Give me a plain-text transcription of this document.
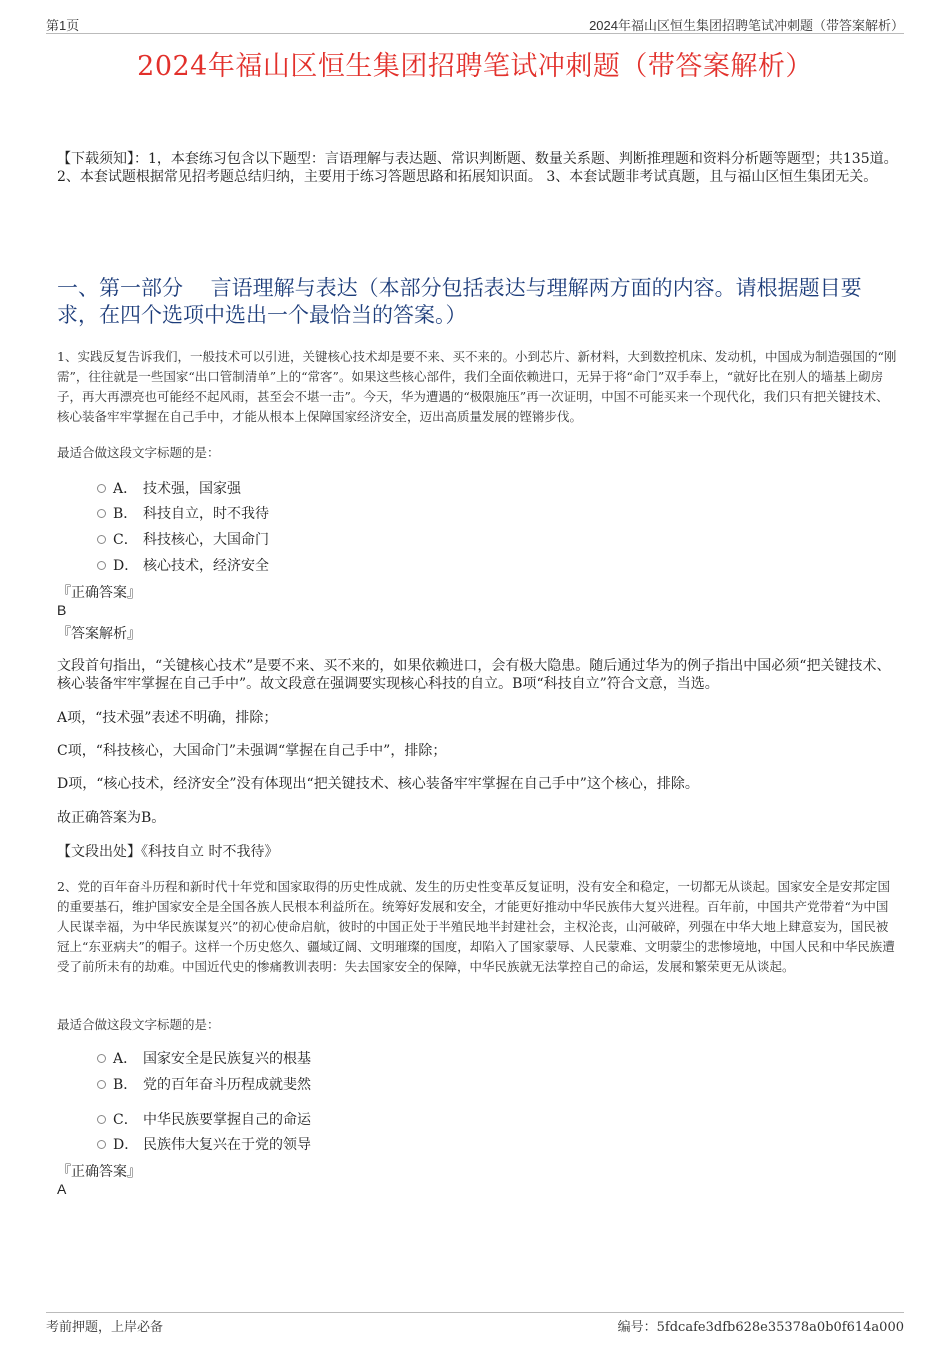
第1页	2024年福山区恒生集团招聘笔试冲刺题（带答案解析）
2024年福山区恒生集团招聘笔试冲刺题（带答案解析）
【下载须知】：1，本套练习包含以下题型：言语理解与表达题、常识判断题、数量关系题、判断推理题和资料分析题等题型；共135道。 2、本套试题根据常见招考题总结归纳，主要用于练习答题思路和拓展知识面。 3、本套试题非考试真题，且与福山区恒生集团无关。
一、第一部分　 言语理解与表达（本部分包括表达与理解两方面的内容。请根据题目要求，在四个选项中选出一个最恰当的答案。）
1、实践反复告诉我们，一般技术可以引进，关键核心技术却是要不来、买不来的。小到芯片、新材料，大到数控机床、发动机，中国成为制造强国的“刚需”，往往就是一些国家“出口管制清单”上的“常客”。如果这些核心部件，我们全面依赖进口，无异于将“命门”双手奉上，“就好比在别人的墙基上砌房子，再大再漂亮也可能经不起风雨，甚至会不堪一击”。今天，华为遭遇的“极限施压”再一次证明，中国不可能买来一个现代化，我们只有把关键技术、核心装备牢牢掌握在自己手中，才能从根本上保障国家经济安全，迈出高质量发展的铿锵步伐。
最适合做这段文字标题的是：
A． 技术强，国家强
B． 科技自立，时不我待
C． 科技核心，大国命门
D． 核心技术，经济安全
『正确答案』
B
『答案解析』
文段首句指出，“关键核心技术”是要不来、买不来的，如果依赖进口，会有极大隐患。随后通过华为的例子指出中国必须“把关键技术、核心装备牢牢掌握在自己手中”。故文段意在强调要实现核心科技的自立。B项“科技自立”符合文意，当选。
A项，“技术强”表述不明确，排除；
C项，“科技核心，大国命门”未强调“掌握在自己手中”，排除；
D项，“核心技术，经济安全”没有体现出“把关键技术、核心装备牢牢掌握在自己手中”这个核心，排除。
故正确答案为B。
【文段出处】《科技自立 时不我待》
2、党的百年奋斗历程和新时代十年党和国家取得的历史性成就、发生的历史性变革反复证明，没有安全和稳定，一切都无从谈起。国家安全是安邦定国的重要基石，维护国家安全是全国各族人民根本利益所在。统筹好发展和安全，才能更好推动中华民族伟大复兴进程。百年前，中国共产党带着“为中国人民谋幸福，为中华民族谋复兴”的初心使命启航，彼时的中国正处于半殖民地半封建社会，主权沦丧，山河破碎，列强在中华大地上肆意妄为，国民被冠上“东亚病夫”的帽子。这样一个历史悠久、疆域辽阔、文明璀璨的国度，却陷入了国家蒙辱、人民蒙难、文明蒙尘的悲惨境地，中国人民和中华民族遭受了前所未有的劫难。中国近代史的惨痛教训表明：失去国家安全的保障，中华民族就无法掌控自己的命运，发展和繁荣更无从谈起。
最适合做这段文字标题的是：
A． 国家安全是民族复兴的根基
B． 党的百年奋斗历程成就斐然
C． 中华民族要掌握自己的命运
D． 民族伟大复兴在于党的领导
『正确答案』
A
考前押题，上岸必备	编号：5fdcafe3dfb628e35378a0b0f614a000
